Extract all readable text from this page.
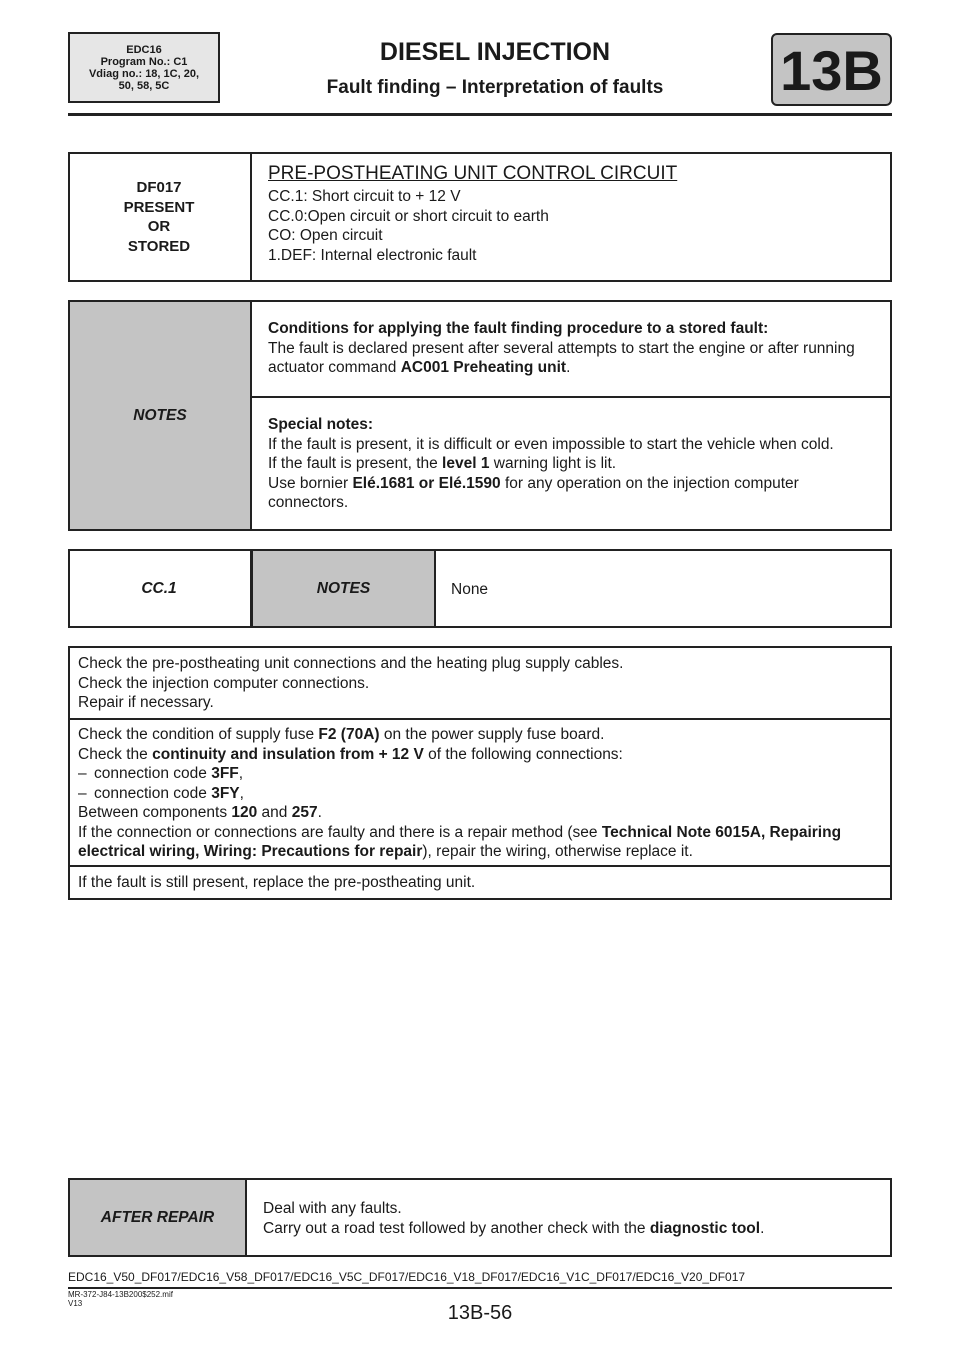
EDC16
Program No.: C1
Vdiag no.: 18, 1C, 20,
50, 58, 5C
DIESEL INJECTION
Fault finding – Interpretation of faults	13B
DF017
PRESENT
OR
STORED
PRE-POSTHEATING UNIT CONTROL CIRCUIT
CC.1: Short circuit to + 12 V
CC.0:Open circuit or short circuit to earth
CO: Open circuit
1.DEF: Internal electronic fault
NOTES
Conditions for applying the fault finding procedure to a stored fault:
The fault is declared present after several attempts to start the engine or after running actuator command AC001 Preheating unit.
Special notes:
If the fault is present, it is difficult or even impossible to start the vehicle when cold.
If the fault is present, the level 1 warning light is lit.
Use bornier Elé.1681 or Elé.1590 for any operation on the injection computer connectors.
CC.1	NOTES	None
Check the pre-postheating unit connections and the heating plug supply cables.
Check the injection computer connections.
Repair if necessary.
Check the condition of supply fuse F2 (70A) on the power supply fuse board.
Check the continuity and insulation from + 12 V of the following connections:
– connection code 3FF,
– connection code 3FY,
Between components 120 and 257.
If the connection or connections are faulty and there is a repair method (see Technical Note 6015A, Repairing electrical wiring, Wiring: Precautions for repair), repair the wiring, otherwise replace it.
If the fault is still present, replace the pre-postheating unit.
AFTER REPAIR	Deal with any faults.
Carry out a road test followed by another check with the diagnostic tool.
EDC16_V50_DF017/EDC16_V58_DF017/EDC16_V5C_DF017/EDC16_V18_DF017/EDC16_V1C_DF017/EDC16_V20_DF017
MR-372-J84-13B200$252.mif
V13	13B-56
